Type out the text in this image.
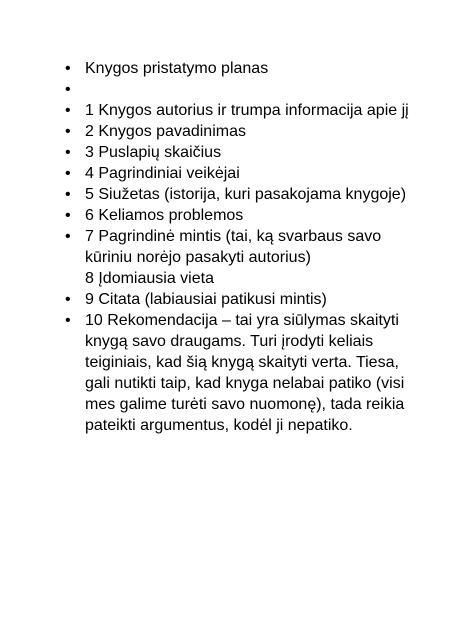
• Knygos pristatymo planas
•
• 1 Knygos autorius ir trumpa informacija apie jį
• 2 Knygos pavadinimas
• 3 Puslapių skaičius
• 4 Pagrindiniai veikėjai
• 5 Siužetas (istorija, kuri pasakojama knygoje)
• 6 Keliamos problemos
• 7 Pagrindinė mintis (tai, ką svarbaus savo kūriniu norėjo pasakyti autorius)
8 Įdomiausia vieta
• 9 Citata (labiausiai patikusi mintis)
• 10 Rekomendacija – tai yra siūlymas skaityti knygą savo draugams. Turi įrodyti keliais teiginiais, kad šią knygą skaityti verta. Tiesa, gali nutikti taip, kad knyga nelabai patiko (visi mes galime turėti savo nuomonę), tada reikia pateikti argumentus, kodėl ji nepatiko.
